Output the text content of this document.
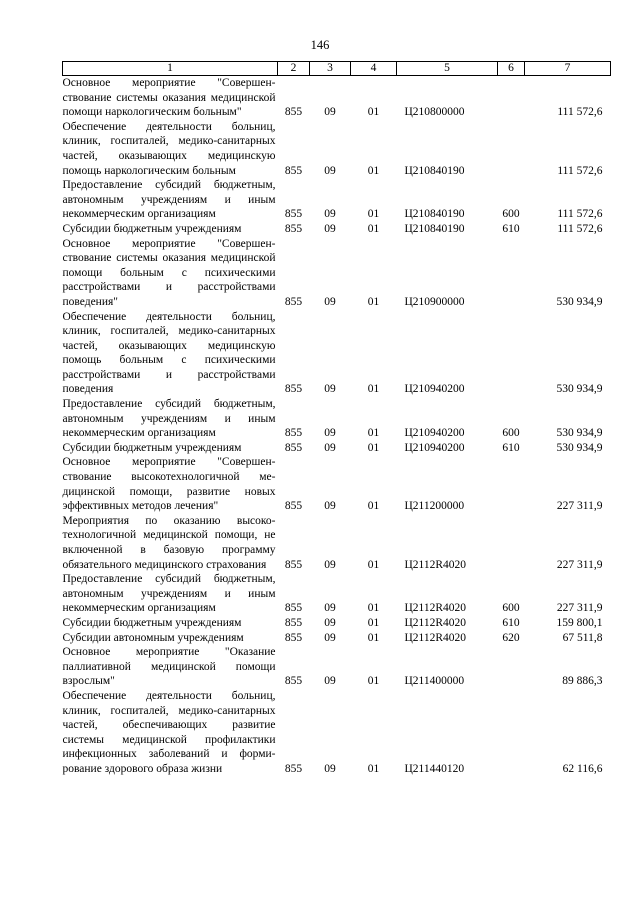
146
1	2	3	4	5	6	7
Основное мероприятие "Совершенствование системы оказания медицинской помощи наркологическим больным"	855	09	01	Ц210800000		111 572,6
Обеспечение деятельности больниц, клиник, госпиталей, медико-санитарных частей, оказывающих медицинскую помощь наркологическим больным	855	09	01	Ц210840190		111 572,6
Предоставление субсидий бюджетным, автономным учреждениям и иным некоммерческим организациям	855	09	01	Ц210840190	600	111 572,6
Субсидии бюджетным учреждениям	855	09	01	Ц210840190	610	111 572,6
Основное мероприятие "Совершенствование системы оказания медицинской помощи больным с психическими расстройствами и расстройствами поведения"	855	09	01	Ц210900000		530 934,9
Обеспечение деятельности больниц, клиник, госпиталей, медико-санитарных частей, оказывающих медицинскую помощь больным с психическими расстройствами и расстройствами поведения	855	09	01	Ц210940200		530 934,9
Предоставление субсидий бюджетным, автономным учреждениям и иным некоммерческим организациям	855	09	01	Ц210940200	600	530 934,9
Субсидии бюджетным учреждениям	855	09	01	Ц210940200	610	530 934,9
Основное мероприятие "Совершенствование высокотехнологичной медицинской помощи, развитие новых эффективных методов лечения"	855	09	01	Ц211200000		227 311,9
Мероприятия по оказанию высокотехнологичной медицинской помощи, не включенной в базовую программу обязательного медицинского страхования	855	09	01	Ц2112R4020		227 311,9
Предоставление субсидий бюджетным, автономным учреждениям и иным некоммерческим организациям	855	09	01	Ц2112R4020	600	227 311,9
Субсидии бюджетным учреждениям	855	09	01	Ц2112R4020	610	159 800,1
Субсидии автономным учреждениям	855	09	01	Ц2112R4020	620	67 511,8
Основное мероприятие "Оказание паллиативной медицинской помощи взрослым"	855	09	01	Ц211400000		89 886,3
Обеспечение деятельности больниц, клиник, госпиталей, медико-санитарных частей, обеспечивающих развитие системы медицинской профилактики инфекционных заболеваний и формирование здорового образа жизни	855	09	01	Ц211440120		62 116,6
